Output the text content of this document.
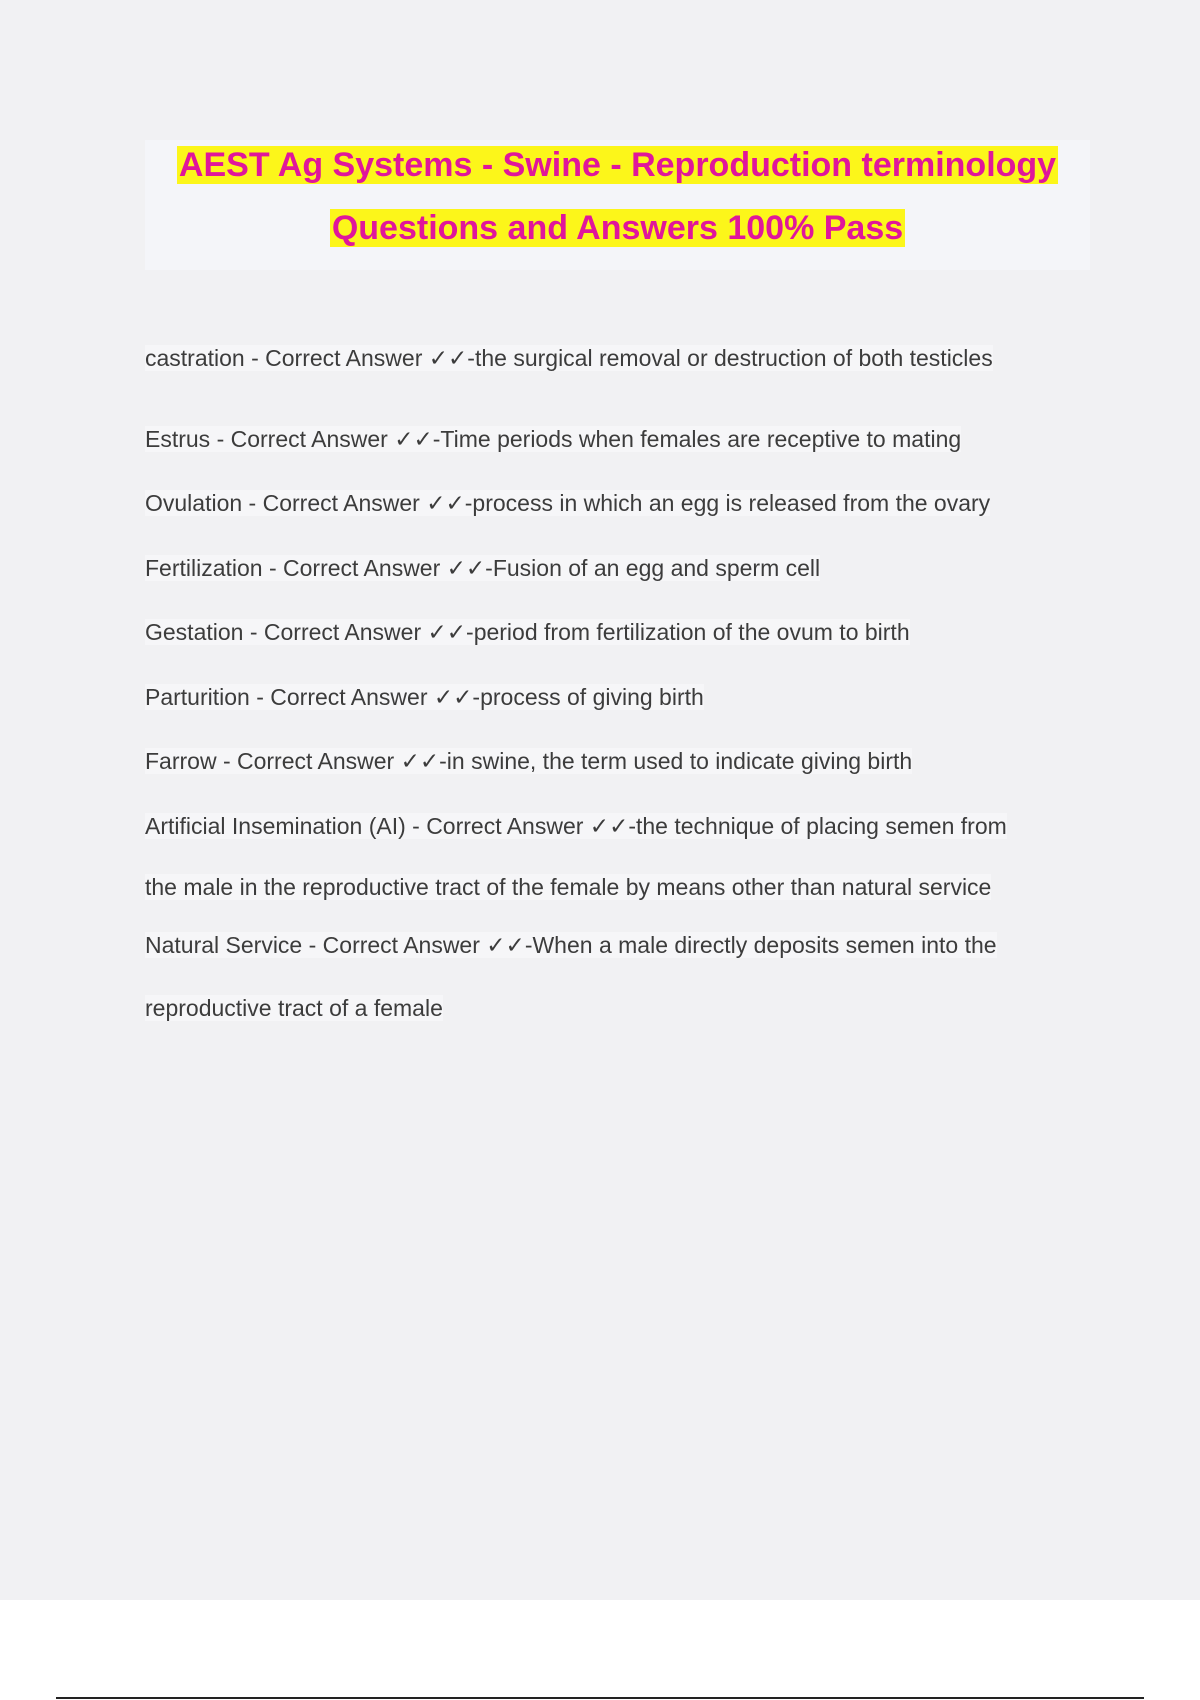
AEST Ag Systems - Swine - Reproduction terminology
Questions and Answers 100% Pass
castration - Correct Answer ✓✓-the surgical removal or destruction of both testicles
Estrus - Correct Answer ✓✓-Time periods when females are receptive to mating
Ovulation - Correct Answer ✓✓-process in which an egg is released from the ovary
Fertilization - Correct Answer ✓✓-Fusion of an egg and sperm cell
Gestation - Correct Answer ✓✓-period from fertilization of the ovum to birth
Parturition - Correct Answer ✓✓-process of giving birth
Farrow - Correct Answer ✓✓-in swine, the term used to indicate giving birth
Artificial Insemination (AI) - Correct Answer ✓✓-the technique of placing semen from
the male in the reproductive tract of the female by means other than natural service
Natural Service - Correct Answer ✓✓-When a male directly deposits semen into the
reproductive tract of a female
